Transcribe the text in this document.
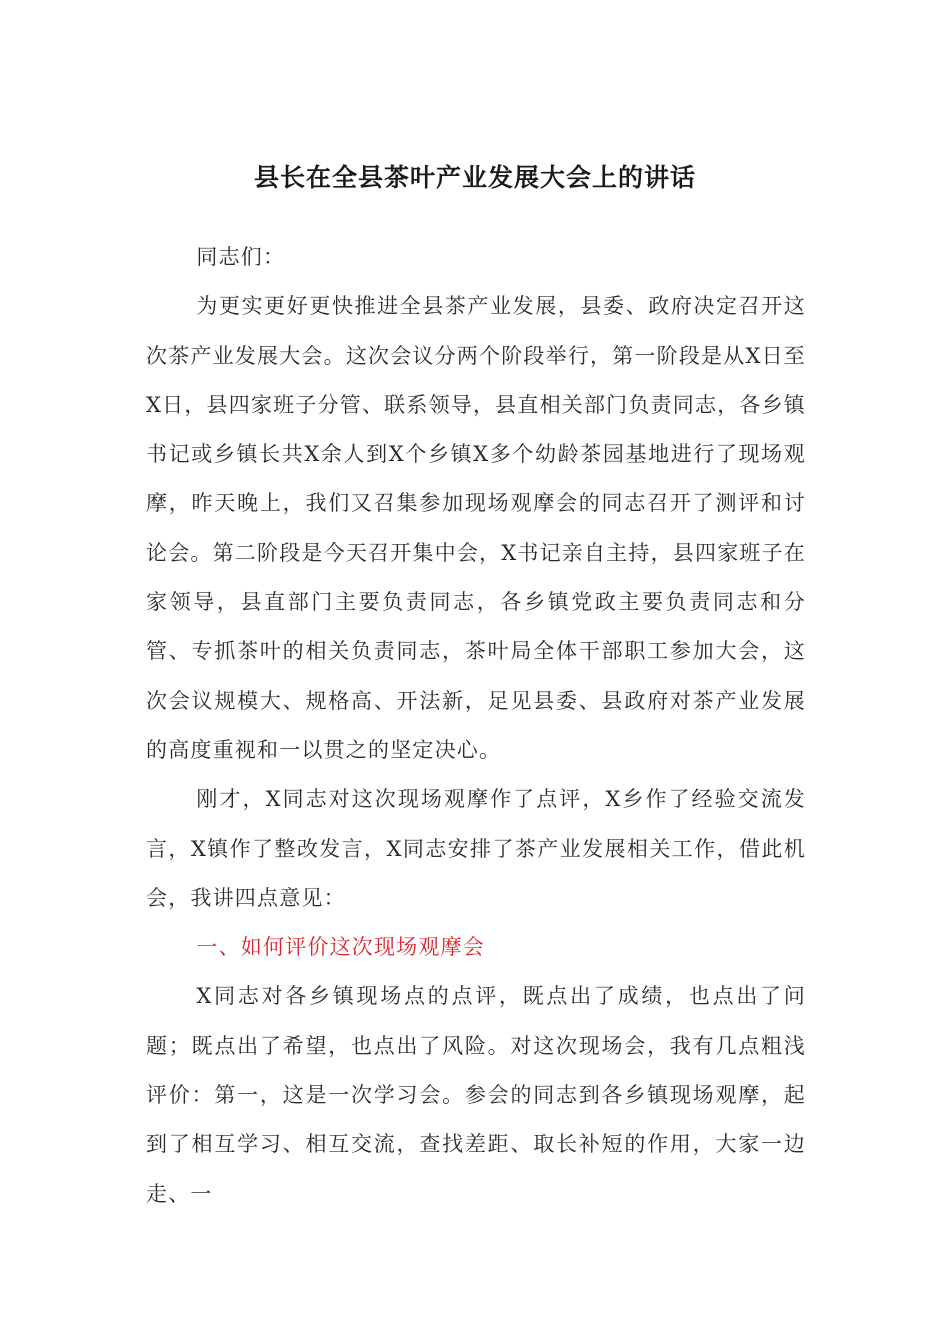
县长在全县茶叶产业发展大会上的讲话

同志们：

为更实更好更快推进全县茶产业发展，县委、政府决定召开这次茶产业发展大会。这次会议分两个阶段举行，第一阶段是从X日至X日，县四家班子分管、联系领导，县直相关部门负责同志，各乡镇书记或乡镇长共X余人到X个乡镇X多个幼龄茶园基地进行了现场观摩，昨天晚上，我们又召集参加现场观摩会的同志召开了测评和讨论会。第二阶段是今天召开集中会，X书记亲自主持，县四家班子在家领导，县直部门主要负责同志，各乡镇党政主要负责同志和分管、专抓茶叶的相关负责同志，茶叶局全体干部职工参加大会，这次会议规模大、规格高、开法新，足见县委、县政府对茶产业发展的高度重视和一以贯之的坚定决心。

刚才，X同志对这次现场观摩作了点评，X乡作了经验交流发言，X镇作了整改发言，X同志安排了茶产业发展相关工作，借此机会，我讲四点意见：

一、如何评价这次现场观摩会

X同志对各乡镇现场点的点评，既点出了成绩，也点出了问题；既点出了希望，也点出了风险。对这次现场会，我有几点粗浅评价：第一，这是一次学习会。参会的同志到各乡镇现场观摩，起到了相互学习、相互交流，查找差距、取长补短的作用，大家一边走、一
